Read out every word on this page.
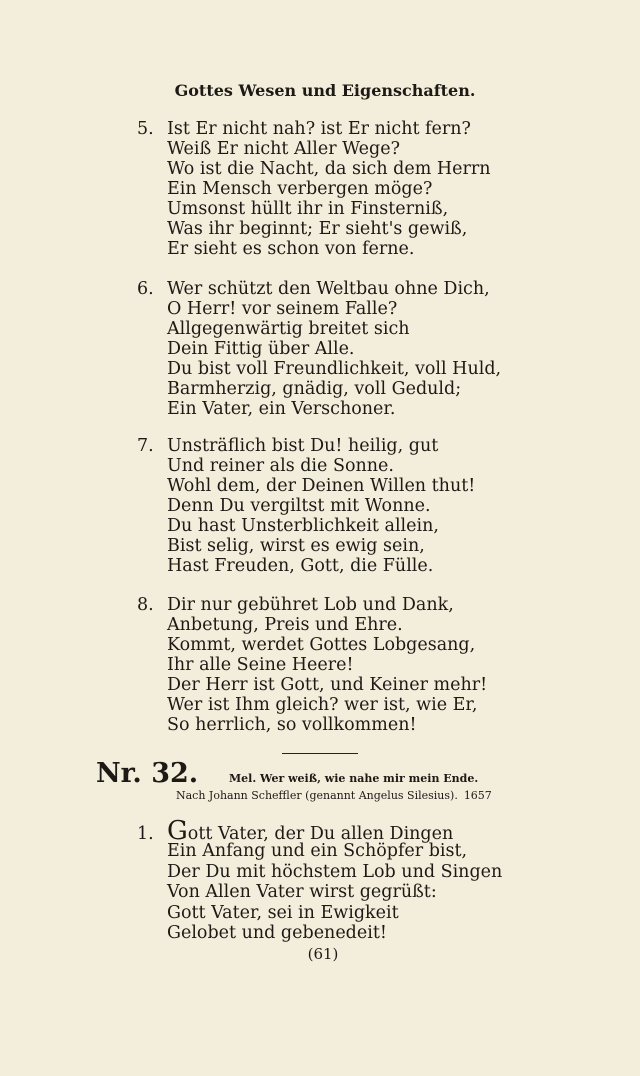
Gottes Wesen und Eigenschaften.
5. Ist Er nicht nah? ist Er nicht fern?
Weiß Er nicht Aller Wege?
Wo ist die Nacht, da sich dem Herrn
Ein Mensch verbergen möge?
Umsonst hüllt ihr in Finsterniß,
Was ihr beginnt; Er sieht's gewiß,
Er sieht es schon von ferne.
6. Wer schützt den Weltbau ohne Dich,
O Herr! vor seinem Falle?
Allgegenwärtig breitet sich
Dein Fittig über Alle.
Du bist voll Freundlichkeit, voll Huld,
Barmherzig, gnädig, voll Geduld;
Ein Vater, ein Verschoner.
7. Unsträflich bist Du! heilig, gut
Und reiner als die Sonne.
Wohl dem, der Deinen Willen thut!
Denn Du vergiltst mit Wonne.
Du hast Unsterblichkeit allein,
Bist selig, wirst es ewig sein,
Hast Freuden, Gott, die Fülle.
8. Dir nur gebühret Lob und Dank,
Anbetung, Preis und Ehre.
Kommt, werdet Gottes Lobgesang,
Ihr alle Seine Heere!
Der Herr ist Gott, und Keiner mehr!
Wer ist Ihm gleich? wer ist, wie Er,
So herrlich, so vollkommen!
Nr. 32.	Mel. Wer weiß, wie nahe mir mein Ende.
Nach Johann Scheffler (genannt Angelus Silesius). 1657
1. Gott Vater, der Du allen Dingen
Ein Anfang und ein Schöpfer bist,
Der Du mit höchstem Lob und Singen
Von Allen Vater wirst gegrüßt:
Gott Vater, sei in Ewigkeit
Gelobet und gebenedeit!
(61)
